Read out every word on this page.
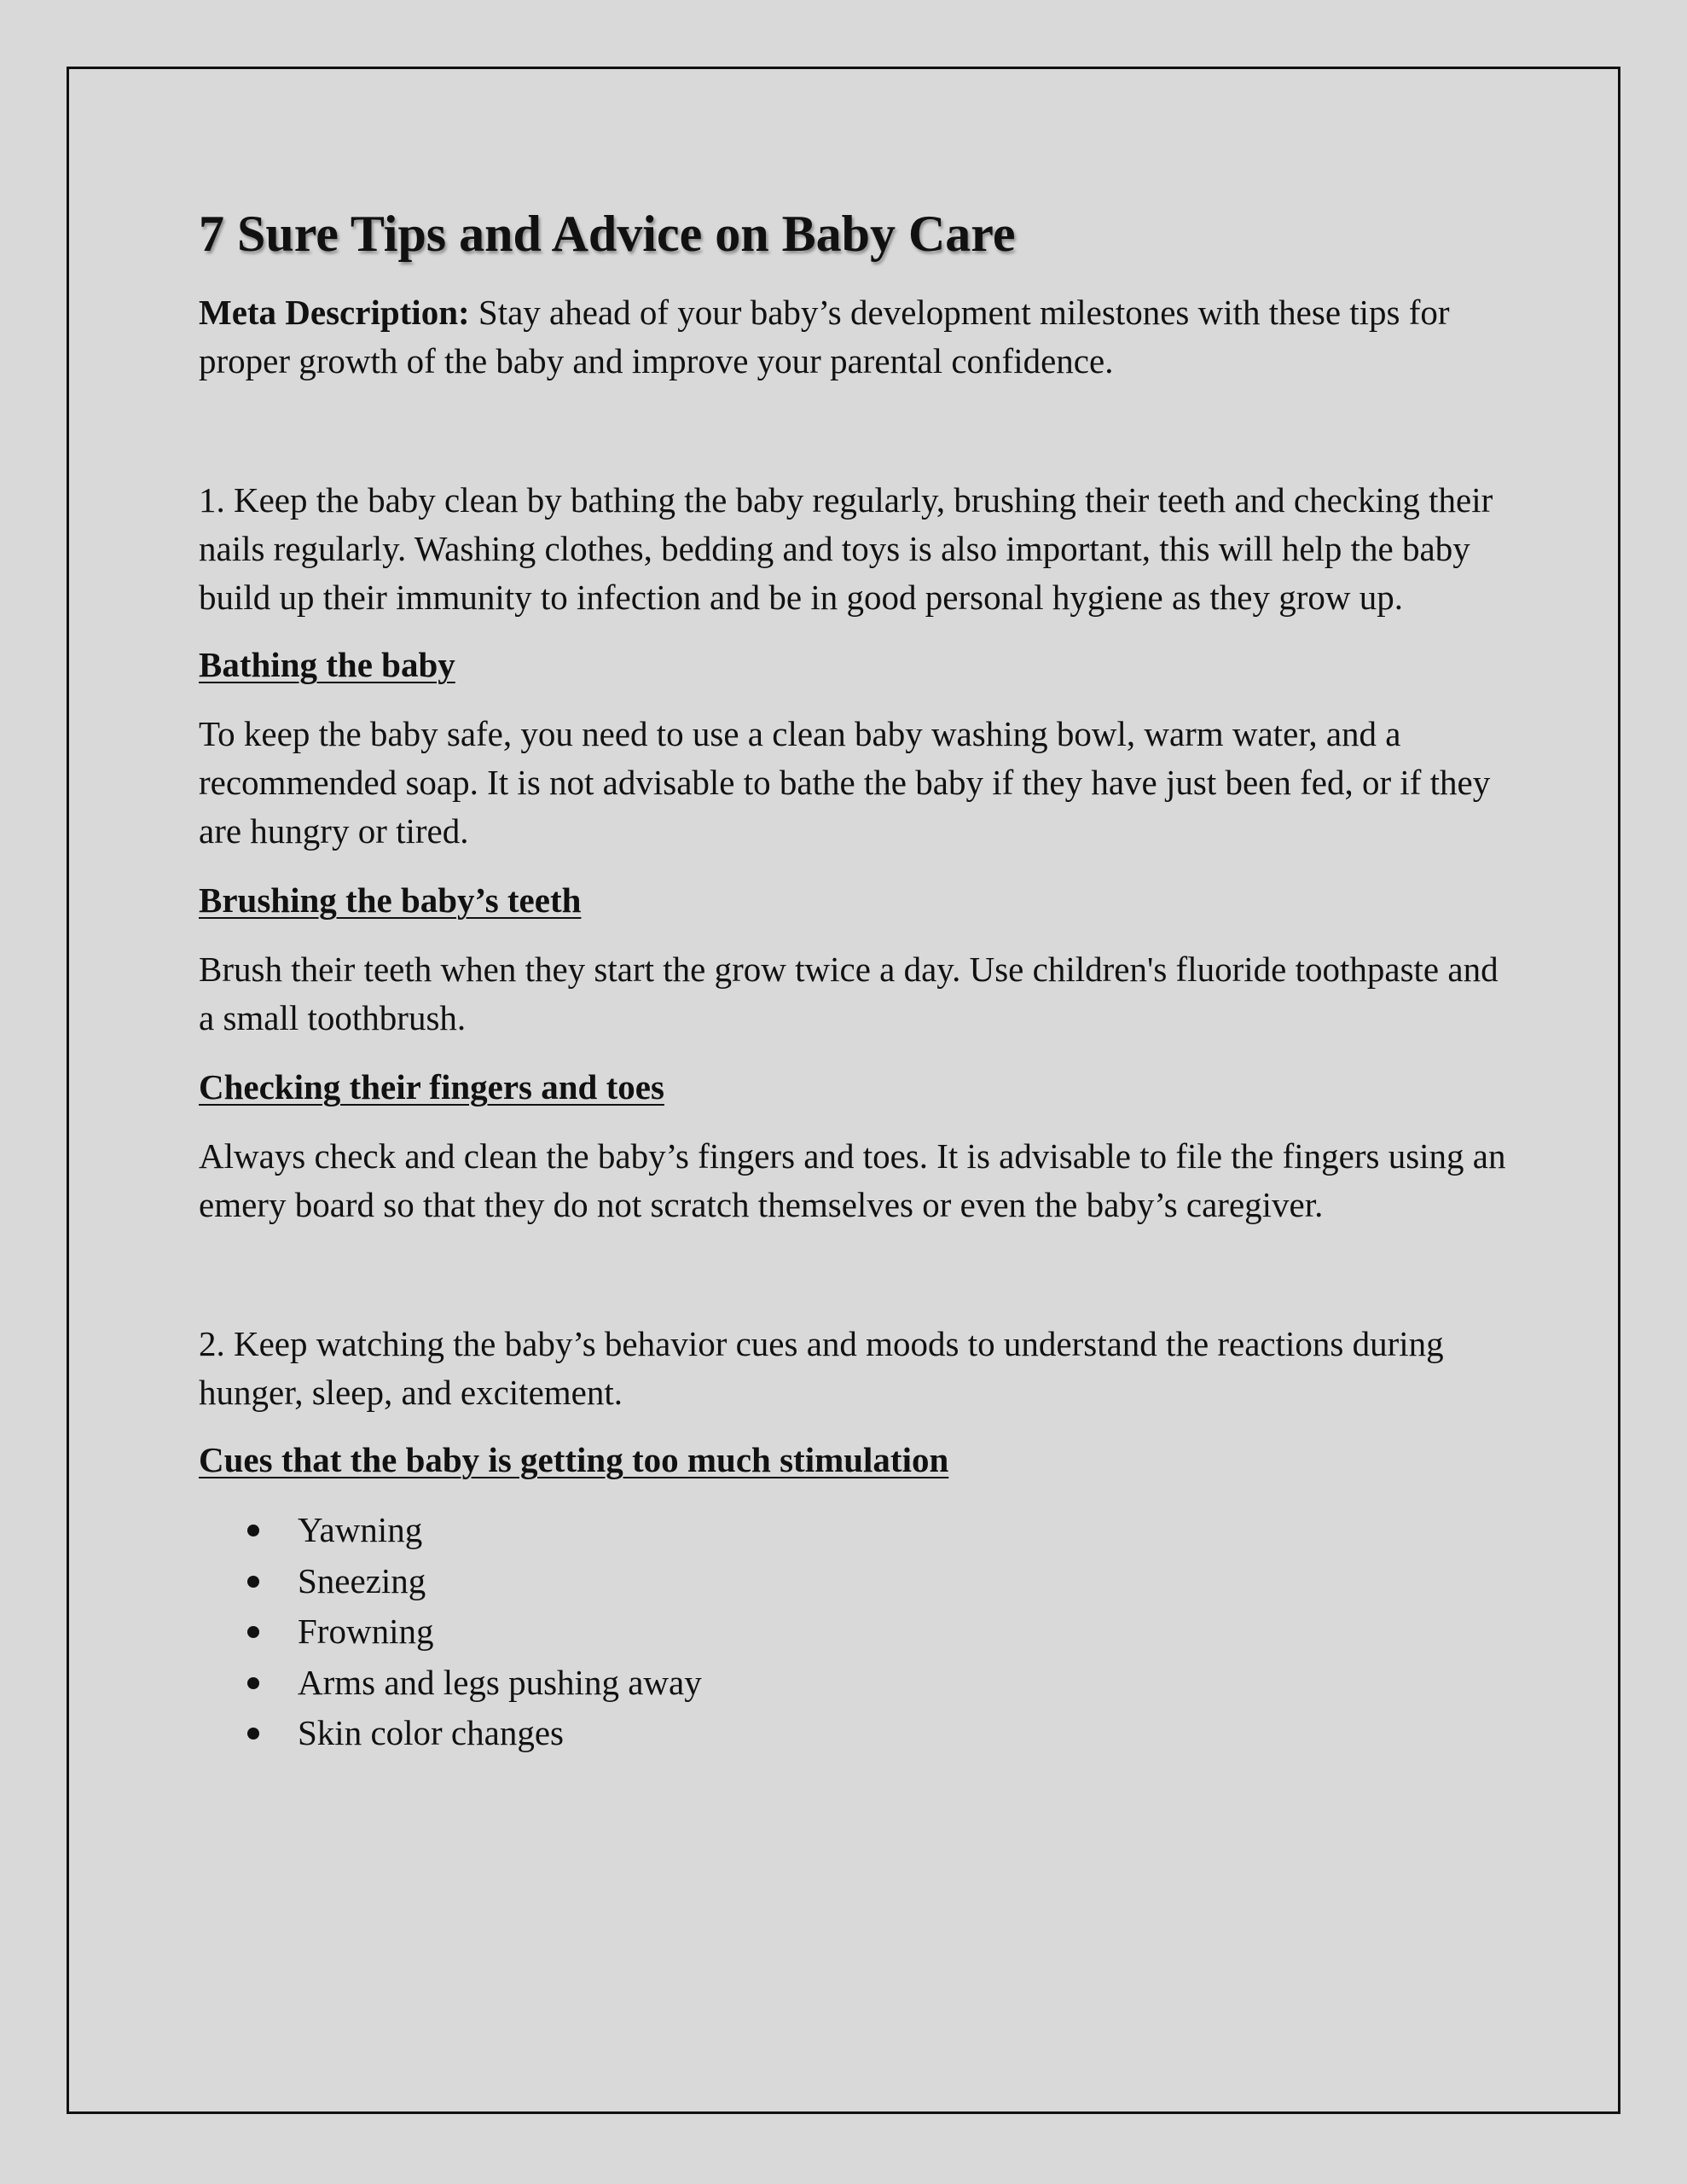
7 Sure Tips and Advice on Baby Care

Meta Description: Stay ahead of your baby’s development milestones with these tips for proper growth of the baby and improve your parental confidence.

1. Keep the baby clean by bathing the baby regularly, brushing their teeth and checking their nails regularly. Washing clothes, bedding and toys is also important, this will help the baby build up their immunity to infection and be in good personal hygiene as they grow up.

Bathing the baby

To keep the baby safe, you need to use a clean baby washing bowl, warm water, and a recommended soap. It is not advisable to bathe the baby if they have just been fed, or if they are hungry or tired.

Brushing the baby’s teeth

Brush their teeth when they start the grow twice a day. Use children's fluoride toothpaste and a small toothbrush.

Checking their fingers and toes

Always check and clean the baby’s fingers and toes. It is advisable to file the fingers using an emery board so that they do not scratch themselves or even the baby’s caregiver.

2. Keep watching the baby’s behavior cues and moods to understand the reactions during hunger, sleep, and excitement.

Cues that the baby is getting too much stimulation
Yawning
Sneezing
Frowning
Arms and legs pushing away
Skin color changes
